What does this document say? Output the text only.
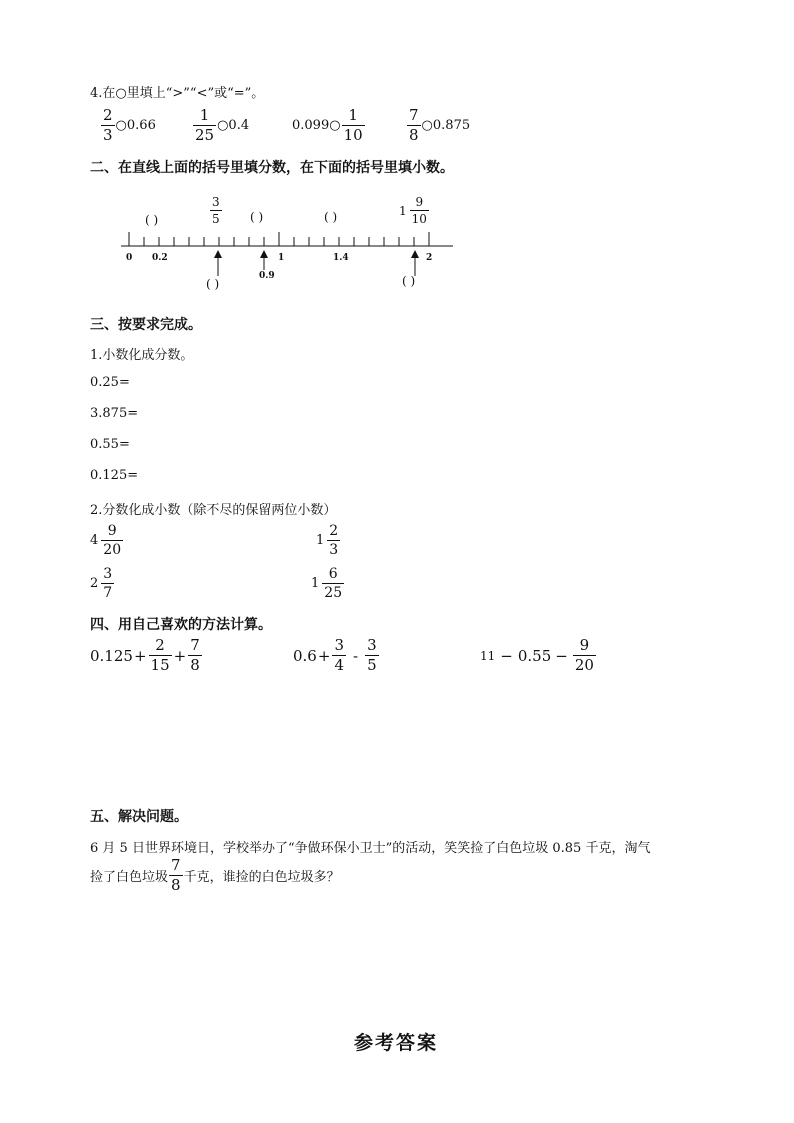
4.在○里填上“>”“<”或“=”。
$\frac{2}{3}$ ○0.66 $\frac{1}{25}$ ○0.4	0.099○ $\frac{1}{10}$	$\frac{7}{8}$ ○0.875
二、在直线上面的括号里填分数，在下面的括号里填小数。
( )	$\frac{3}{5}$ ( )	( )	$1 \frac{9}{10}$
0 0.2	1	1.4	2
0.9
( )	( )
三、按要求完成。
1.小数化成分数。
0.25=
3.875=
0.55=
0.125=
2.分数化成小数（除不尽的保留两位小数）
$4 \frac{9}{20}$	$1 \frac{2}{3}$
$2 \frac{3}{7}$	$1 \frac{6}{25}$
四、用自己喜欢的方法计算。
$0.125 + \frac{2}{15} + \frac{7}{8}$	$0.6 + \frac{3}{4} - \frac{3}{5}$	$11 - 0.55 - \frac{9}{20}$
五、解决问题。
6 月 5 日世界环境日，学校举办了“争做环保小卫士”的活动，笑笑捡了白色垃圾 0.85 千克，淘气
捡了白色垃圾 $\frac{7}{8}$ 千克，谁捡的白色垃圾多？
参考答案
